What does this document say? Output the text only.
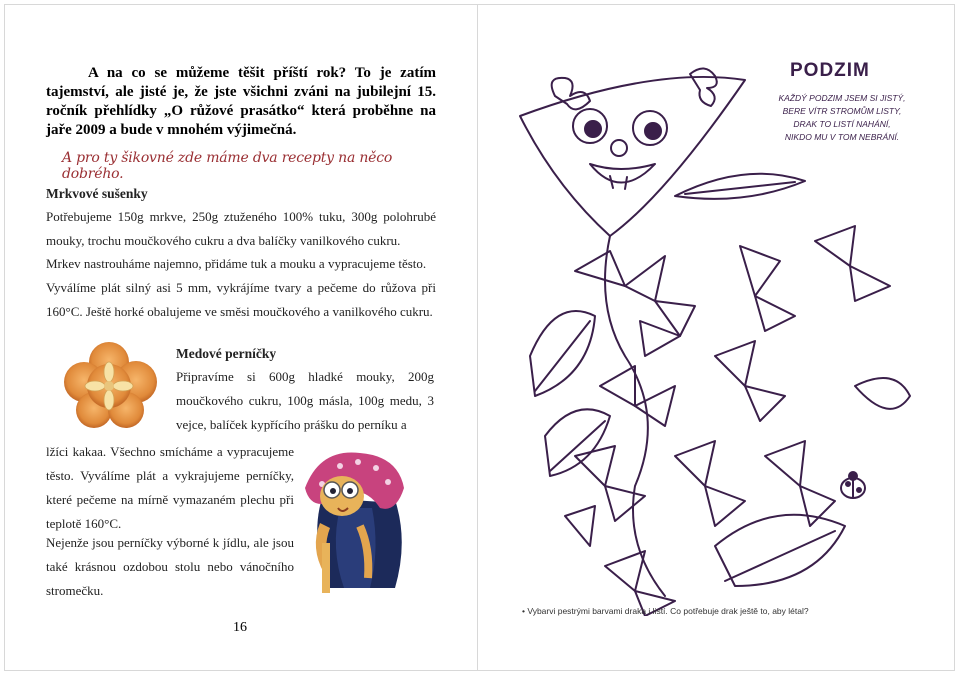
A na co se můžeme těšit příští rok? To je zatím tajemství, ale jisté je, že jste všichni zváni na jubilejní 15. ročník přehlídky „O růžové prasátko“ která proběhne na jaře 2009 a bude v mnohém výjimečná.
A pro ty šikovné zde máme dva recepty na něco dobrého.
Mrkvové sušenky
Potřebujeme 150g mrkve, 250g ztuženého 100% tuku, 300g polohrubé mouky, trochu moučkového cukru a dva balíčky vanilkového cukru.
Mrkev nastrouháme najemno, přidáme tuk a mouku a vypracujeme těsto.
Vyválíme plát silný asi 5 mm, vykrájíme tvary a pečeme do růžova při 160°C. Ještě horké obalujeme ve směsi moučkového a vanilkového cukru.
Medové perníčky
Připravíme si 600g hladké mouky, 200g moučkového cukru, 100g másla, 100g medu, 3 vejce, balíček kypřícího prášku do perníku a
lžíci kakaa. Všechno smícháme a vypracujeme těsto. Vyválíme plát a vykrajujeme perníčky, které pečeme na mírně vymazaném plechu při teplotě 160°C.
Nejenže jsou perníčky výborné k jídlu, ale jsou také krásnou ozdobou stolu nebo vánočního stromečku.
16
PODZIM
KAŽDÝ PODZIM JSEM SI JISTÝ,
BERE VÍTR STROMŮM LISTY,
DRAK TO LISTÍ NAHÁNÍ,
NIKDO MU V TOM NEBRÁNÍ.
• Vybarvi pestrými barvami draka i listí. Co potřebuje drak ještě to, aby létal?
